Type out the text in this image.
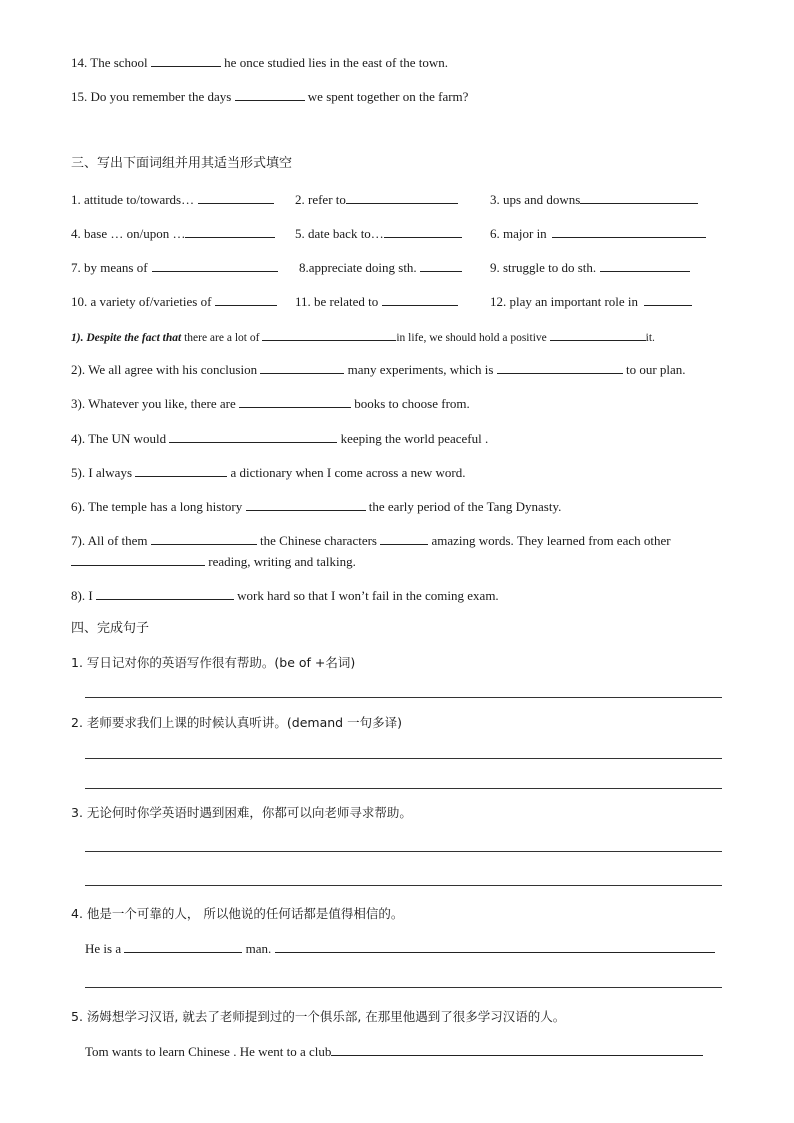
14. The school	he once studied lies in the east of the town.
15. Do you remember the days	we spent together on the farm?
三、写出下面词组并用其适当形式填空
1. attitude to/towards…	2. refer to	3. ups and downs
4. base … on/upon …	5. date back to…	6. major in
7. by means of	8.appreciate doing sth.	9. struggle to do sth.
10. a variety of/varieties of	11. be related to	12. play an important role in
1). Despite the fact that there are a lot of	in life, we should hold a positive	it.
2). We all agree with his conclusion	many experiments, which is	to our plan.
3). Whatever you like, there are	books to choose from.
4). The UN would	keeping the world peaceful .
5). I always	a dictionary when I come across a new word.
6). The temple has a long history	the early period of the Tang Dynasty.
7). All of them	the Chinese characters	amazing words. They learned from each other
reading, writing and talking.
8). I	work hard so that I won’t fail in the coming exam.
四、完成句子
1. 写日记对你的英语写作很有帮助。(be of +名词)
2. 老师要求我们上课的时候认真听讲。(demand 一句多译)
3. 无论何时你学英语时遇到困难，你都可以向老师寻求帮助。
4. 他是一个可靠的人， 所以他说的任何话都是值得相信的。
He is a	man.
5. 汤姆想学习汉语, 就去了老师提到过的一个俱乐部, 在那里他遇到了很多学习汉语的人。
Tom wants to learn Chinese . He went to a club
